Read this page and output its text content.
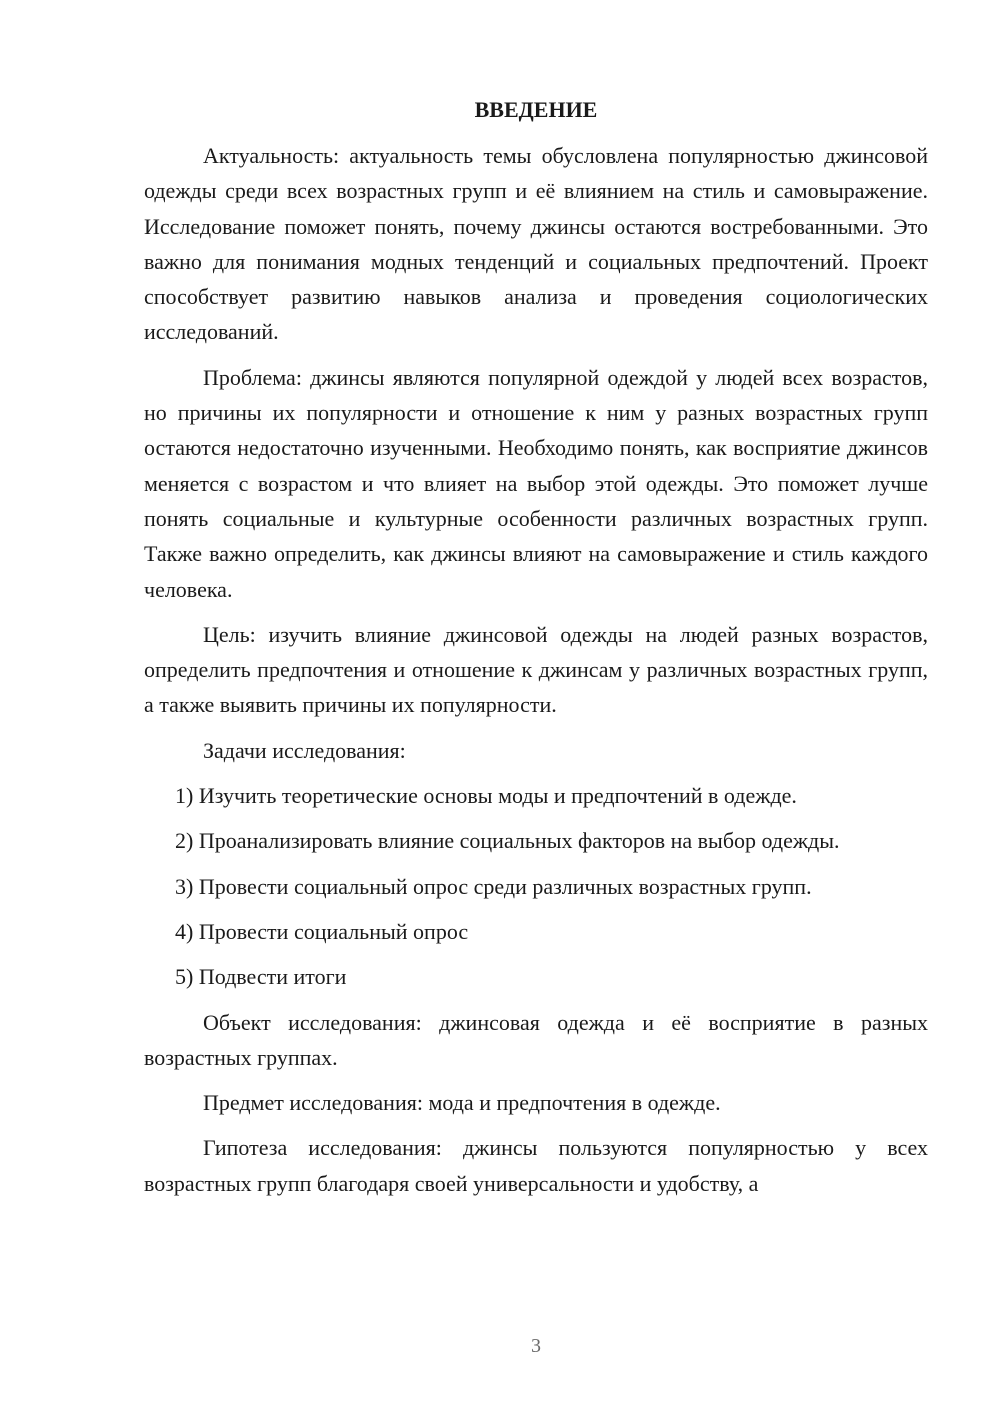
ВВЕДЕНИЕ

Актуальность: актуальность темы обусловлена популярностью джинсовой одежды среди всех возрастных групп и её влиянием на стиль и самовыражение. Исследование поможет понять, почему джинсы остаются востребованными. Это важно для понимания модных тенденций и социальных предпочтений. Проект способствует развитию навыков анализа и проведения социологических исследований.

Проблема: джинсы являются популярной одеждой у людей всех возрастов, но причины их популярности и отношение к ним у разных возрастных групп остаются недостаточно изученными. Необходимо понять, как восприятие джинсов меняется с возрастом и что влияет на выбор этой одежды. Это поможет лучше понять социальные и культурные особенности различных возрастных групп. Также важно определить, как джинсы влияют на самовыражение и стиль каждого человека.

Цель: изучить влияние джинсовой одежды на людей разных возрастов, определить предпочтения и отношение к джинсам у различных возрастных групп, а также выявить причины их популярности.

Задачи исследования:

1) Изучить теоретические основы моды и предпочтений в одежде.

2) Проанализировать влияние социальных факторов на выбор одежды.

3) Провести социальный опрос среди различных возрастных групп.

4) Провести социальный опрос

5) Подвести итоги

Объект исследования: джинсовая одежда и её восприятие в разных возрастных группах.

Предмет исследования: мода и предпочтения в одежде.

Гипотеза исследования: джинсы пользуются популярностью у всех возрастных групп благодаря своей универсальности и удобству, а

3
